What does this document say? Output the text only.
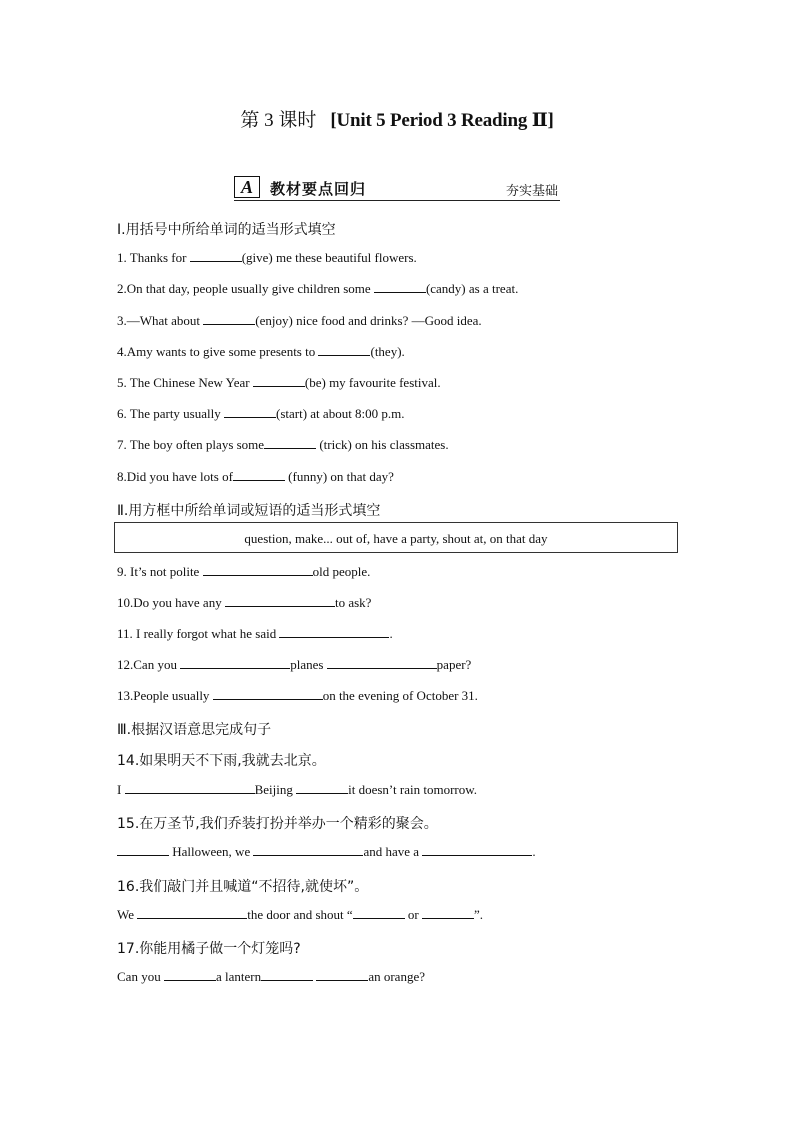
第 3 课时 [Unit 5 Period 3 Reading Ⅱ]
A	教材要点回归	夯实基础
Ⅰ.用括号中所给单词的适当形式填空
1. Thanks for	(give) me these beautiful flowers.
2.On that day, people usually give children some	(candy) as a treat.
3.—What about	(enjoy) nice food and drinks? —Good idea.
4.Amy wants to give some presents to	(they).
5. The Chinese New Year	(be) my favourite festival.
6. The party usually	(start) at about 8:00 p.m.
7. The boy often plays some	(trick) on his classmates.
8.Did you have lots of	(funny) on that day?
Ⅱ.用方框中所给单词或短语的适当形式填空
question, make... out of, have a party, shout at, on that day
9. It’s not polite	old people.
10.Do you have any	to ask?
11. I really forgot what he said	.
12.Can you	planes	paper?
13.People usually	on the evening of October 31.
Ⅲ.根据汉语意思完成句子
14.如果明天不下雨,我就去北京。
I	Beijing	it doesn’t rain tomorrow.
15.在万圣节,我们乔装打扮并举办一个精彩的聚会。
Halloween, we	and have a	.
16.我们敲门并且喊道“不招待,就使坏”。
We	the door and shout “	or	”.
17.你能用橘子做一个灯笼吗?
Can you	a lantern	an orange?
